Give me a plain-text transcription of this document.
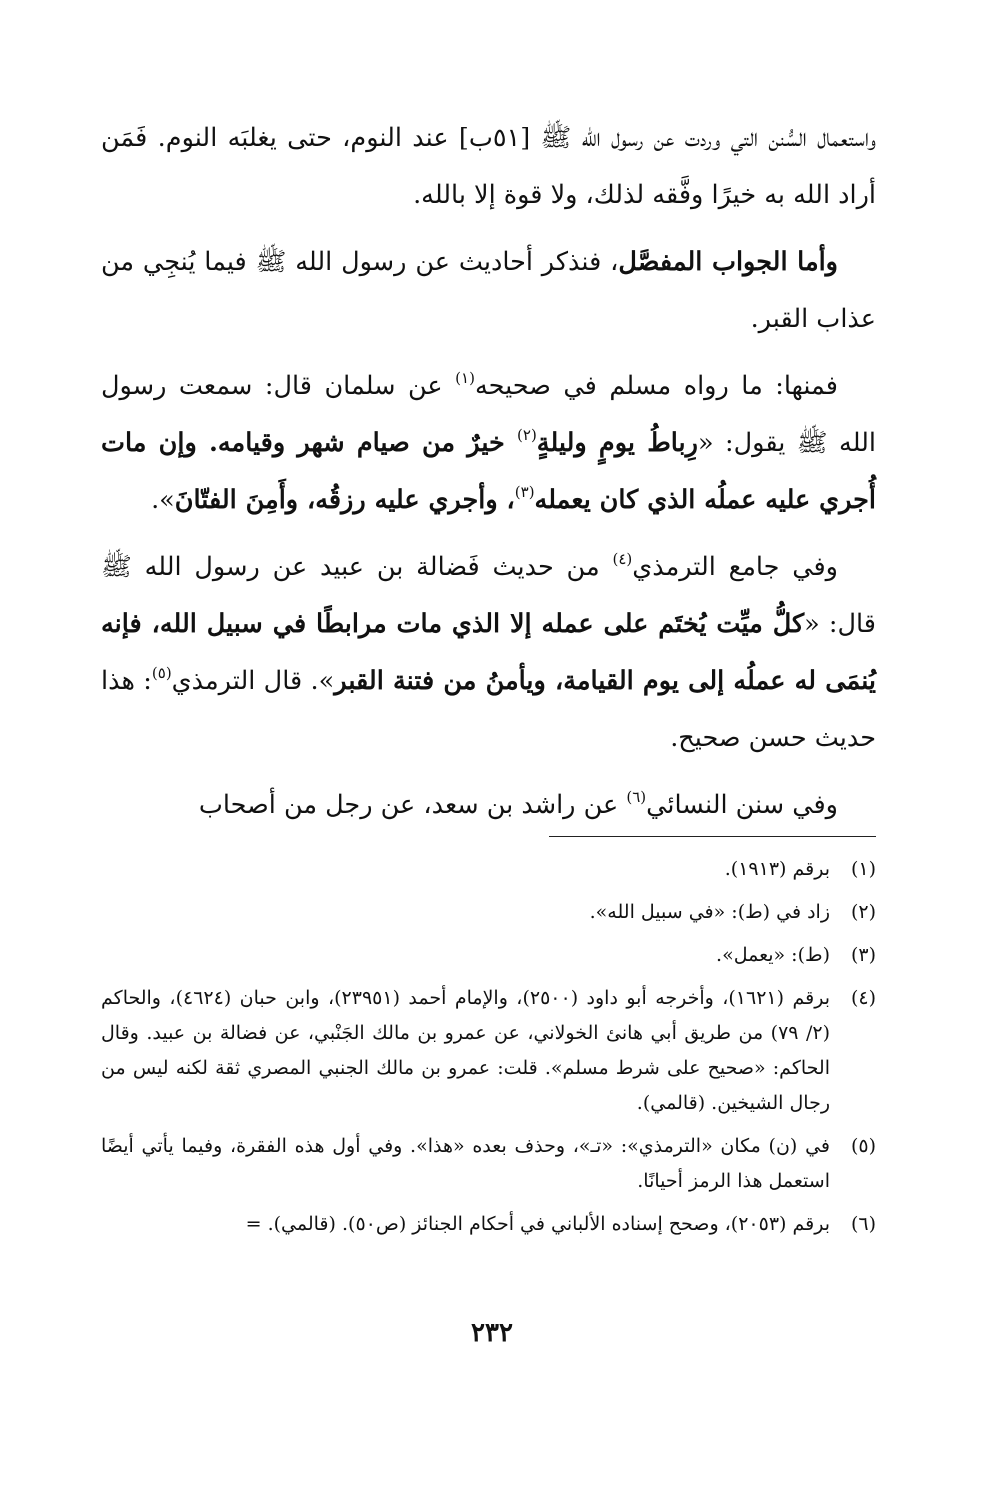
واستعمال السُّنن التي وردت عن رسول الله ﷺ [٥١ب] عند النوم، حتى يغلبَه النوم. فَمَن أراد الله به خيرًا وفَّقه لذلك، ولا قوة إلا بالله.

وأما الجواب المفصَّل، فنذكر أحاديث عن رسول الله ﷺ فيما يُنجِي من عذاب القبر.

فمنها: ما رواه مسلم في صحيحه$^{(١)}$ عن سلمان قال: سمعت رسول الله ﷺ يقول: «رِباطُ يومٍ وليلةٍ$^{(٢)}$ خيرٌ من صيام شهر وقيامه. وإن مات أُجري عليه عملُه الذي كان يعمله$^{(٣)}$، وأجري عليه رزقُه، وأَمِنَ الفتّانَ».

وفي جامع الترمذي$^{(٤)}$ من حديث فَضالة بن عبيد عن رسول الله ﷺ قال: «كلُّ ميِّت يُختَم على عمله إلا الذي مات مرابطًا في سبيل الله، فإنه يُنمَى له عملُه إلى يوم القيامة، ويأمنُ من فتنة القبر». قال الترمذي$^{(٥)}$: هذا حديث حسن صحيح.

وفي سنن النسائي$^{(٦)}$ عن راشد بن سعد، عن رجل من أصحاب

(١)
برقم (١٩١٣).
(٢)
زاد في (ط): «في سبيل الله».
(٣)
(ط): «يعمل».
(٤)
برقم (١٦٢١)، وأخرجه أبو داود (٢٥٠٠)، والإمام أحمد (٢٣٩٥١)، وابن حبان (٤٦٢٤)، والحاكم (٢/ ٧٩) من طريق أبي هانئ الخولاني، عن عمرو بن مالك الجَنْبي، عن فضالة بن عبيد. وقال الحاكم: «صحيح على شرط مسلم». قلت: عمرو بن مالك الجنبي المصري ثقة لكنه ليس من رجال الشيخين. (قالمي).
(٥)
في (ن) مكان «الترمذي»: «تـ»، وحذف بعده «هذا». وفي أول هذه الفقرة، وفيما يأتي أيضًا استعمل هذا الرمز أحيانًا.
(٦)
برقم (٢٠٥٣)، وصحح إسناده الألباني في أحكام الجنائز (ص٥٠). (قالمي). =
٢٣٢
